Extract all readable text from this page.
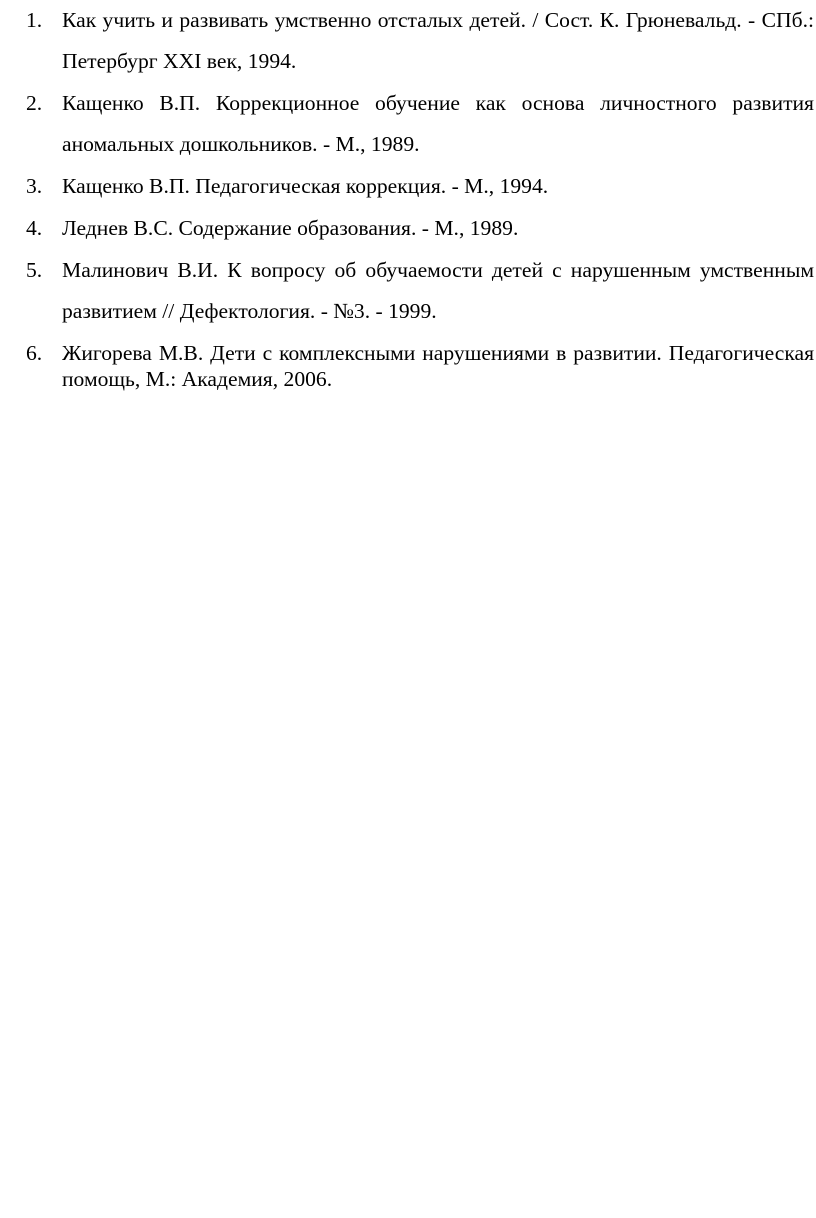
1. Как учить и развивать умственно отсталых детей. / Сост. К. Грюневальд. - СПб.: Петербург XXI век, 1994.
2. Кащенко В.П. Коррекционное обучение как основа личностного развития аномальных дошкольников. - М., 1989.
3. Кащенко В.П. Педагогическая коррекция. - М., 1994.
4. Леднев В.С. Содержание образования. - М., 1989.
5. Малинович В.И. К вопросу об обучаемости детей с нарушенным умственным развитием // Дефектология. - №3. - 1999.
6. Жигорева М.В. Дети с комплексными нарушениями в развитии. Педагогическая помощь, М.: Академия, 2006.
